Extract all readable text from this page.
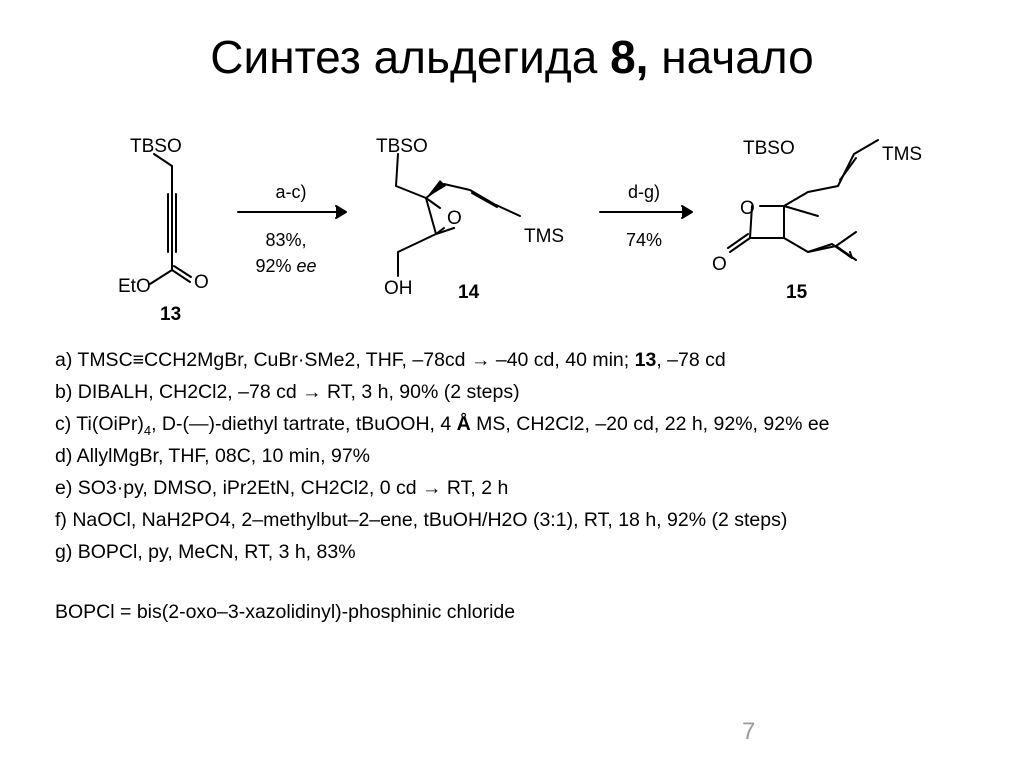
Синтез альдегида 8, начало
TBSO
EtO O
13
a-c)
83%,
92% ee
TBSO
O
TMS
OH 14
d-g)
74%
TBSO	TMS
O
O
15
a) TMSC≡CCH2MgBr, CuBr·SMe2, THF, –78cd → –40 cd, 40 min; 13, –78 cd
b) DIBALH, CH2Cl2, –78 cd → RT, 3 h, 90% (2 steps)
c) $Ti(OiPr)_4$, D-(—)-diethyl tartrate, tBuOOH, 4 Å MS, CH2Cl2, –20 cd, 22 h, 92%, 92% ee
d) AllylMgBr, THF, 08C, 10 min, 97%
e) SO3·py, DMSO, iPr2EtN, CH2Cl2, 0 cd → RT, 2 h
f) NaOCl, NaH2PO4, 2–methylbut–2–ene, tBuOH/H2O (3:1), RT, 18 h, 92% (2 steps)
g) BOPCl, py, MeCN, RT, 3 h, 83%
BOPCl = bis(2-oxo–3-xazolidinyl)-phosphinic chloride
7
